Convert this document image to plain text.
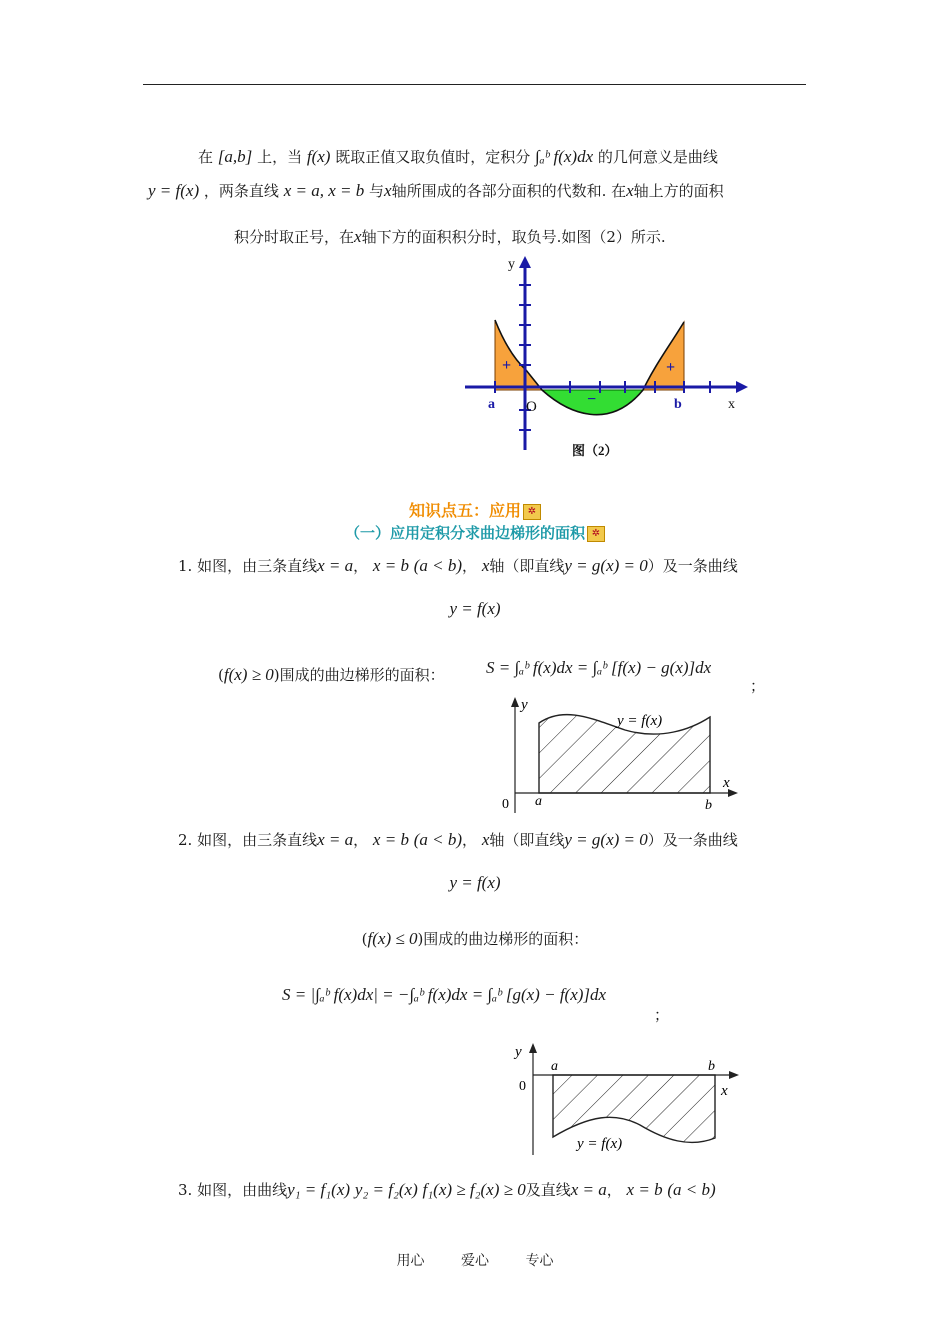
在 [a,b] 上，当 f(x) 既取正值又取负值时，定积分 ∫ₐᵇ f(x)dx 的几何意义是曲线
y = f(x) ，两条直线 x = a, x = b 与x轴所围成的各部分面积的代数和. 在x轴上方的面积
积分时取正号，在x轴下方的面积积分时，取负号.如图（2）所示.
y
x
a	b
O
+	+
−
图（2）
知识点五：应用 ✲
（一）应用定积分求曲边梯形的面积 ✲
1. 如图，由三条直线x = a， x = b (a < b)， x轴（即直线y = g(x) = 0）及一条曲线
y = f(x)
(f(x) ≥ 0)围成的曲边梯形的面积： S = ∫ₐᵇ f(x)dx = ∫ₐᵇ [f(x) − g(x)]dx
；
y
x
0 a	b
y = f(x)
2. 如图，由三条直线x = a， x = b (a < b)， x轴（即直线y = g(x) = 0）及一条曲线
y = f(x)
(f(x) ≤ 0)围成的曲边梯形的面积：
S = |∫ₐᵇ f(x)dx| = −∫ₐᵇ f(x)dx = ∫ₐᵇ [g(x) − f(x)]dx
；
y
x
0
a	b
y = f(x)
3. 如图，由曲线y₁ = f₁(x) y₂ = f₂(x) f₁(x) ≥ f₂(x) ≥ 0及直线x = a， x = b (a < b)
用心	爱心	专心
